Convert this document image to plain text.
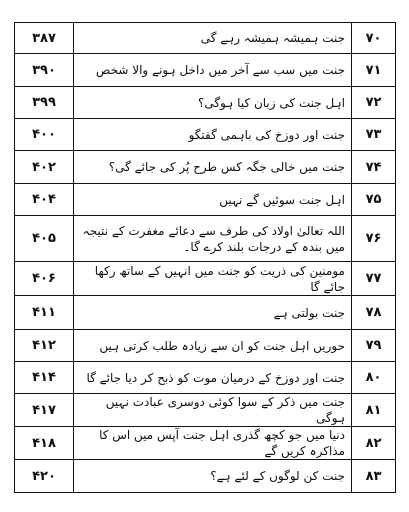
۷۰	جنت ہمیشہ ہمیشہ رہے گی	۳۸۷
۷۱	جنت میں سب سے آخر میں داخل ہونے والا شخص	۳۹۰
۷۲	اہل جنت کی زبان کیا ہوگی؟	۳۹۹
۷۳	جنت اور دوزخ کی باہمی گفتگو	۴۰۰
۷۴	جنت میں خالی جگہ کس طرح پُر کی جائے گی؟	۴۰۲
۷۵	اہل جنت سوئیں گے نہیں	۴۰۴
۷۶	اللہ تعالیٰ اولاد کی طرف سے دعائے مغفرت کے نتیجہ میں بندہ کے درجات بلند کرے گا۔	۴۰۵
۷۷	مومنین کی ذریت کو جنت میں انہیں کے ساتھ رکھا جائے گا	۴۰۶
۷۸	جنت بولتی ہے	۴۱۱
۷۹	حوریں اہل جنت کو ان سے زیادہ طلب کرتی ہیں	۴۱۲
۸۰	جنت اور دوزخ کے درمیان موت کو ذبح کر دیا جائے گا	۴۱۴
۸۱	جنت میں ذکر کے سوا کوئی دوسری عبادت نہیں ہوگی	۴۱۷
۸۲	دنیا میں جو کچھ گذری اہل جنت آپس میں اس کا مذاکرہ کریں گے	۴۱۸
۸۳	جنت کن لوگوں کے لئے ہے؟	۴۲۰
